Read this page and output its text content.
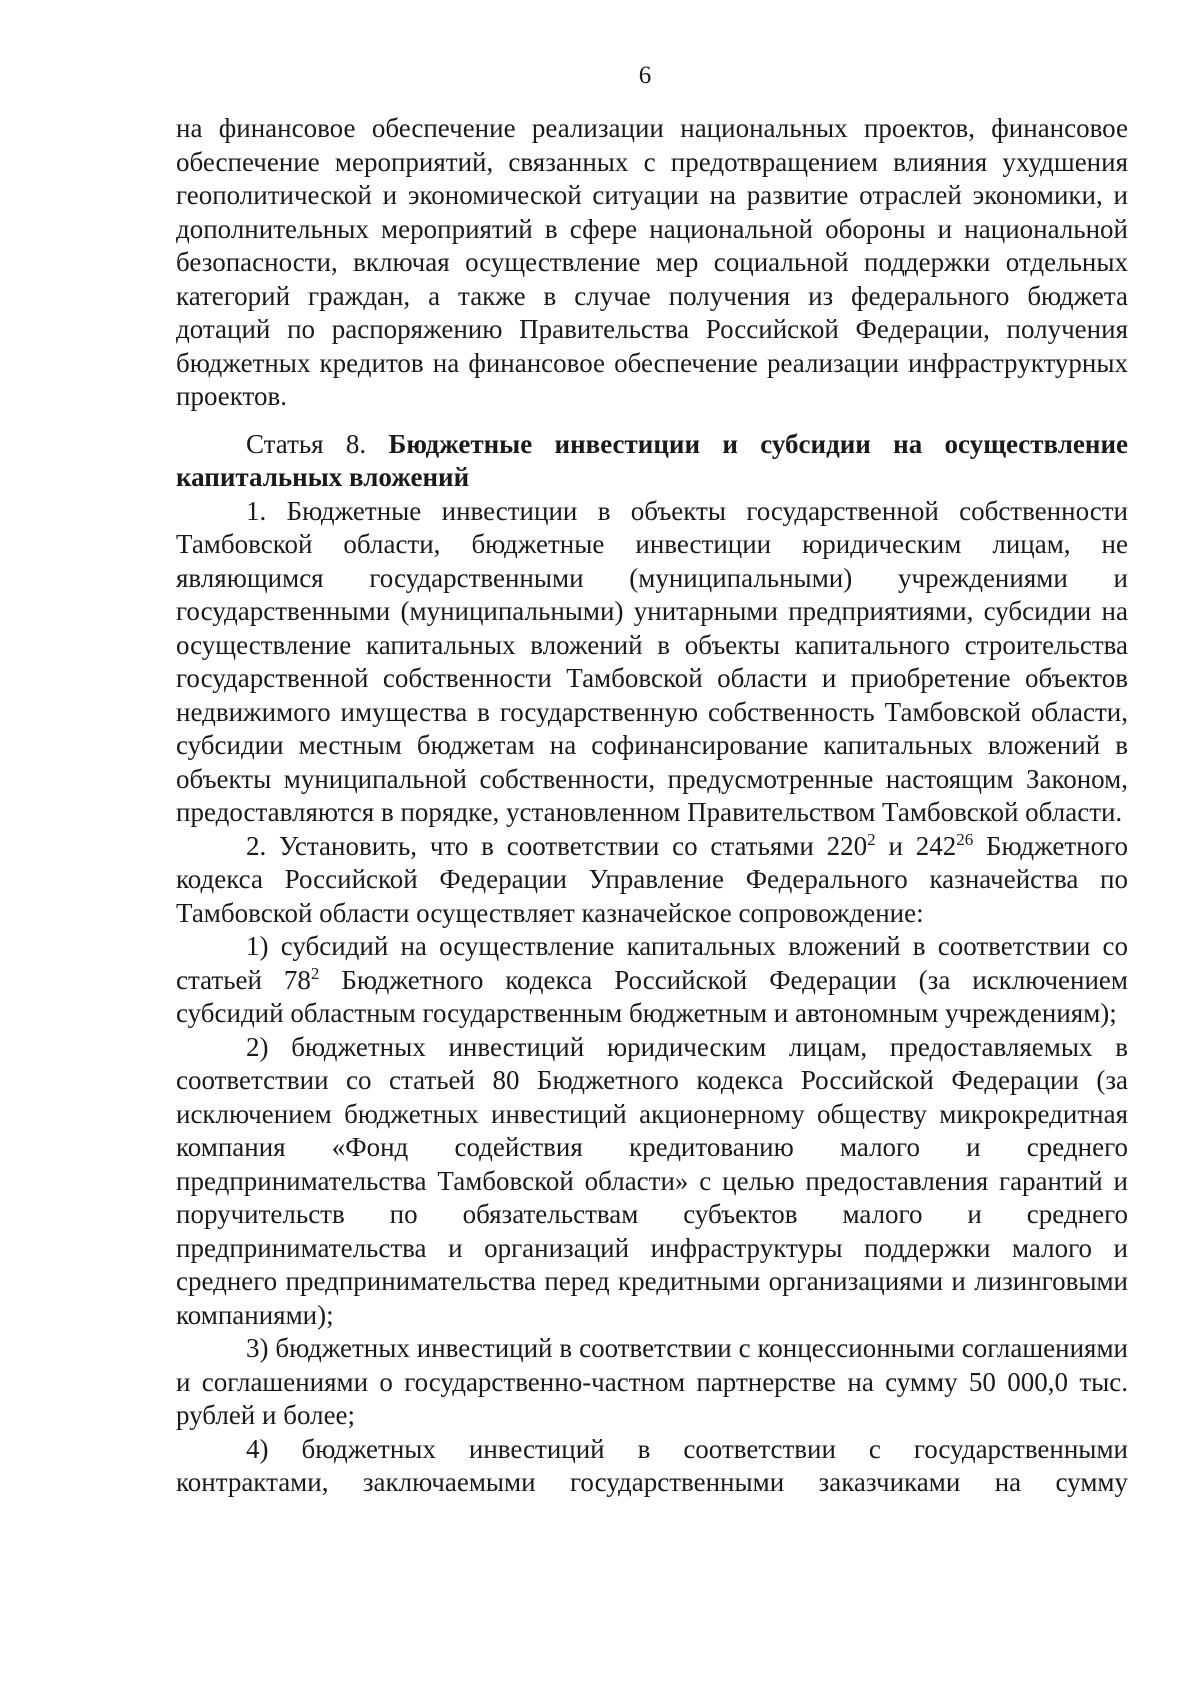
6

на финансовое обеспечение реализации национальных проектов, финансовое обеспечение мероприятий, связанных с предотвращением влияния ухудшения геополитической и экономической ситуации на развитие отраслей экономики, и дополнительных мероприятий в сфере национальной обороны и национальной безопасности, включая осуществление мер социальной поддержки отдельных категорий граждан, а также в случае получения из федерального бюджета дотаций по распоряжению Правительства Российской Федерации, получения бюджетных кредитов на финансовое обеспечение реализации инфраструктурных проектов.

Статья 8. Бюджетные инвестиции и субсидии на осуществление капитальных вложений

1. Бюджетные инвестиции в объекты государственной собственности Тамбовской области, бюджетные инвестиции юридическим лицам, не являющимся государственными (муниципальными) учреждениями и государственными (муниципальными) унитарными предприятиями, субсидии на осуществление капитальных вложений в объекты капитального строительства государственной собственности Тамбовской области и приобретение объектов недвижимого имущества в государственную собственность Тамбовской области, субсидии местным бюджетам на софинансирование капитальных вложений в объекты муниципальной собственности, предусмотренные настоящим Законом, предоставляются в порядке, установленном Правительством Тамбовской области.

2. Установить, что в соответствии со статьями $220^2$ и $242^{26}$ Бюджетного кодекса Российской Федерации Управление Федерального казначейства по Тамбовской области осуществляет казначейское сопровождение:

1) субсидий на осуществление капитальных вложений в соответствии со статьей $78^2$ Бюджетного кодекса Российской Федерации (за исключением субсидий областным государственным бюджетным и автономным учреждениям);

2) бюджетных инвестиций юридическим лицам, предоставляемых в соответствии со статьей 80 Бюджетного кодекса Российской Федерации (за исключением бюджетных инвестиций акционерному обществу микрокредитная компания «Фонд содействия кредитованию малого и среднего предпринимательства Тамбовской области» с целью предоставления гарантий и поручительств по обязательствам субъектов малого и среднего предпринимательства и организаций инфраструктуры поддержки малого и среднего предпринимательства перед кредитными организациями и лизинговыми компаниями);

3) бюджетных инвестиций в соответствии с концессионными соглашениями и соглашениями о государственно-частном партнерстве на сумму 50 000,0 тыс. рублей и более;

4) бюджетных инвестиций в соответствии с государственными контрактами, заключаемыми государственными заказчиками на сумму
